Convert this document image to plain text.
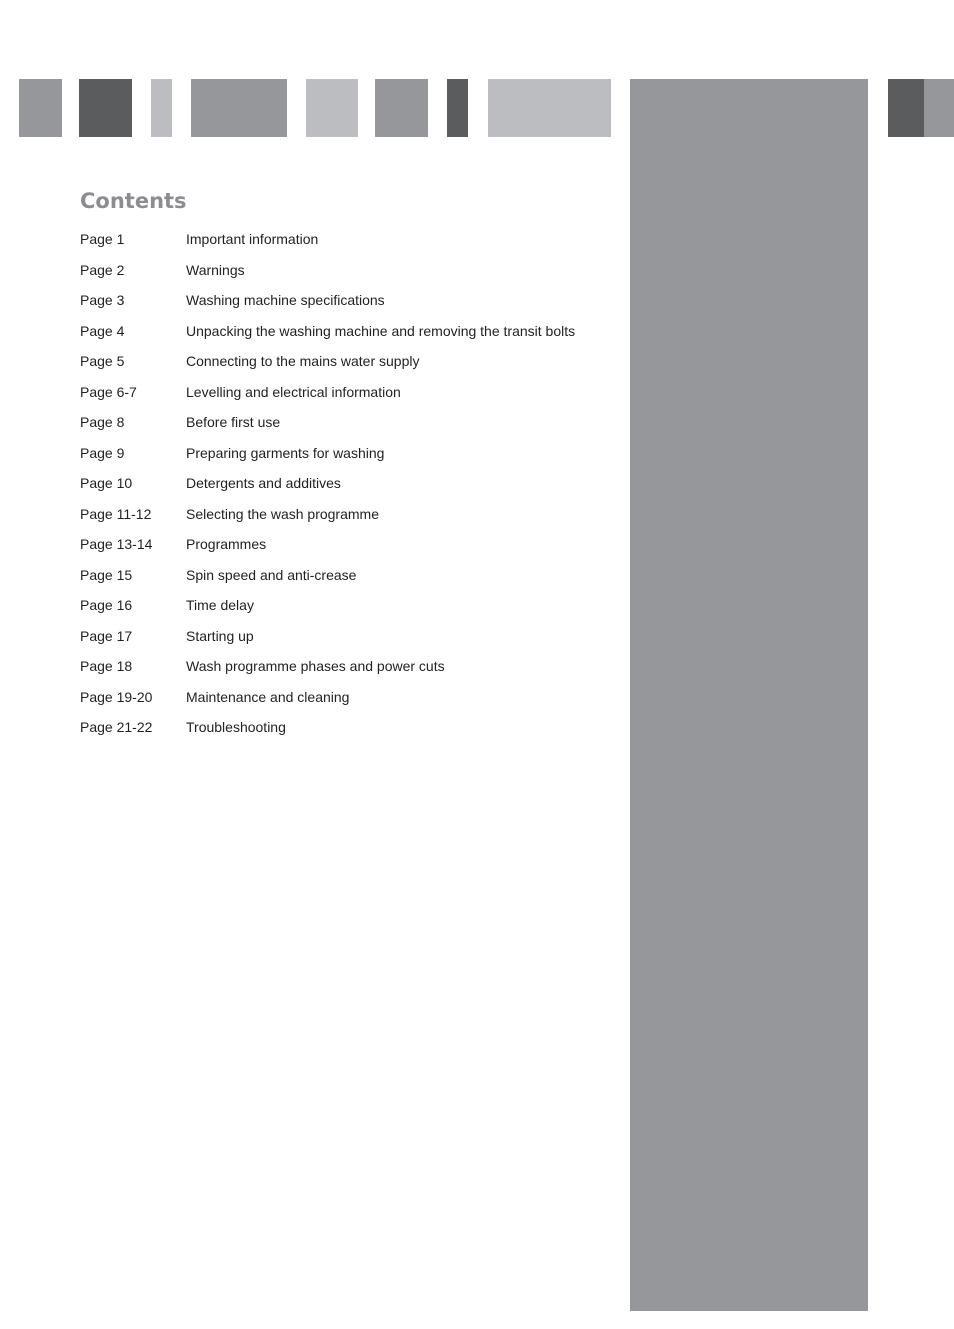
Contents
Page 1	Important information
Page 2	Warnings
Page 3	Washing machine specifications
Page 4	Unpacking the washing machine and removing the transit bolts
Page 5	Connecting to the mains water supply
Page 6-7	Levelling and electrical information
Page 8	Before first use
Page 9	Preparing garments for washing
Page 10	Detergents and additives
Page 11-12	Selecting the wash programme
Page 13-14	Programmes
Page 15	Spin speed and anti-crease
Page 16	Time delay
Page 17	Starting up
Page 18	Wash programme phases and power cuts
Page 19-20	Maintenance and cleaning
Page 21-22	Troubleshooting
